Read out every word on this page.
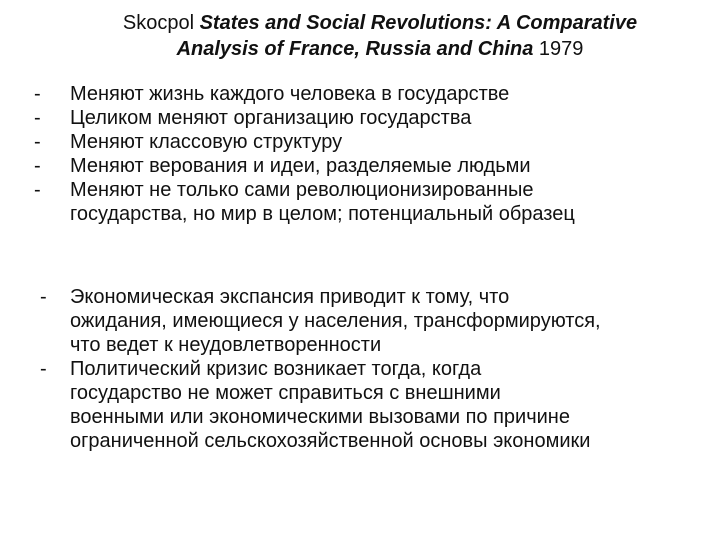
Skocpol States and Social Revolutions: A Comparative
Analysis of France, Russia and China 1979
-	Меняют жизнь каждого человека в государстве
-	Целиком меняют организацию государства
-	Меняют классовую структуру
-	Меняют верования и идеи, разделяемые людьми
-	Меняют не только сами революционизированные
государства, но мир в целом; потенциальный образец
-	Экономическая экспансия приводит к тому, что
ожидания, имеющиеся у населения, трансформируются,
что ведет к неудовлетворенности
-	Политический кризис возникает тогда, когда
государство не может справиться с внешними
военными или экономическими вызовами по причине
ограниченной сельскохозяйственной основы экономики
